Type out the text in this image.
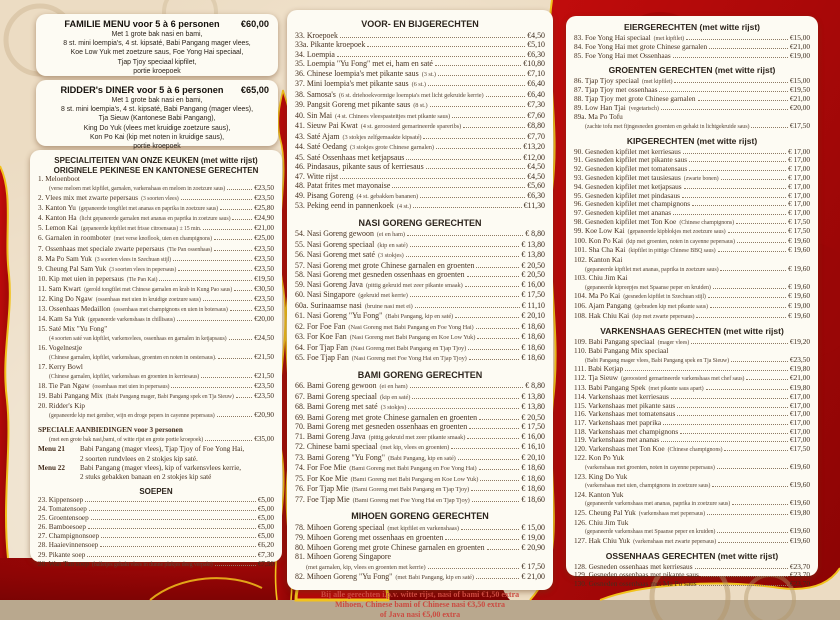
FAMILIE MENU voor 5 à 6 personen €60,00
Met 1 grote bak nasi en bami,
8 st. mini loempia's, 4 st. kipsaté, Babi Pangang mager vlees,
Koe Low Yuk met zoetzure saus, Foe Yong Hai speciaal,
Tjap Tjoy speciaal kipfilet,
portie kroepoek
RIDDER's DINER voor 5 à 6 personen €65,00
Met 1 grote bak nasi en bami,
8 st. mini loempia's, 4 st. kipsaté, Babi Pangang (mager vlees),
Tja Sieuw (Kantonese Babi Pangang),
King Do Yuk (vlees met kruidige zoetzure saus),
Kon Po Kai (kip met noten in kruidige saus),
portie kroepoek
SPECIALITEITEN VAN ONZE KEUKEN (met witte rijst)
ORIGINELE PEKINESE EN KANTONESE GERECHTEN
1. Meloenboot
(verse meloen met kipfilet, garnalen, varkenshaas en meloen in zoetzure saus)	€23,50
2. Vlees mix met zwarte pepersaus (3 soorten vlees)	€23,50
3. Kanton Yu (gepaneerde tongfilet met ananas en paprika in zoetzure saus)	€25,80
4. Kanton Ha (licht gepaneerde garnalen met ananas en paprika in zoetzure saus)	€24,90
5. Lemon Kai (gepaneerde kipfilet met frisse citroensaus) ± 15 min.	€21,00
6. Garnalen in roomboter (met verse knoflook, uien en champignons)	€25,00
7. Ossenhaas met speciale zwarte pepersaus (Tie Pan ossenhaas)	€23,50
8. Ma Po Sam Yuk (3 soorten vlees in Szechuan stijl)	€23,50
9. Cheung Pal Sam Yuk (3 soorten vlees in pepersaus)	€23,50
10. Kip met uien in pepersaus (Tie Pan Kai)	€19,50
11. Sam Kwart (gerold tongfilet met Chinese garnalen en krab in Kung Pao saus)	€30,50
12. King Do Ngaw (ossenhaas met uien in kruidige zoetzure saus)	€23,50
13. Ossenhaas Medaillon (ossenhaas met champignons en uien in botersaus)	€23,50
14. Kam Sa Yuk (gepaneerde varkenshaas in chillisaus)	€20,00
15. Saté Mix "Yu Fong"
(4 soorten saté van kipfilet, varkensvlees, ossenhaas en garnalen in ketjapsaus)	€24,50
16. Vogelnestje
(Chinese garnalen, kipfilet, varkenshaas, groenten en noten in oestersaus).	€21,50
17. Kerry Bowl
(Chinese garnalen, kipfilet, varkenshaas en groenten in kerriesaus)	€21,50
18. Tie Pan Ngaw (ossenhaas met uien in pepersaus)	€23,50
19. Babi Pangang Mix (Babi Pangang mager, Babi Pangang spek en Tja Sieuw)	€23,50
20. Ridder's Kip
(gepaneerde kip met gember, wijn en droge pepers in cayenne pepersaus)	€20,90
SPECIALE AANBIEDINGEN voor 3 personen
(met een grote bak nasi,bami, of witte rijst en grote portie kroepoek)	€35,00
Menu 21	Babi Pangang (mager vlees), Tjap Tjoy of Foe Yong Hai,
2 soorten rundvlees en 2 stokjes kip saté.
Menu 22	Babi Pangang (mager vlees), kip of varkensvlees kerrie,
2 stuks gebakken banaan en 2 stokjes kip saté
SOEPEN
23. Kippensoep	€5,00
24. Tomatensoep	€5,00
25. Groentensoep	€5,00
26. Bamboesoep	€5,00
27. Champignonsoep	€5,00
28. Haaievinnensoep	€6,20
29. Pikante soep	€7,30
30. Wan Tan soep (balletjes gehakt vlees in dunne plakjes deeg verpakt)	€7,50
VOOR- EN BIJGERECHTEN
33. Kroepoek	€4,50
33a. Pikante kroepoek	€5,10
34. Loempia	€6,30
35. Loempia "Yu Fong" met ei, ham en saté	€10,80
36. Chinese loempia's met pikante saus (3 st.)	€7,10
37. Mini loempia's met pikante saus (6 st.)	€6,40
38. Samosa's (6 st. driehoekvormige loempia's met licht gekruide kerrie)	€6,40
39. Pangsit Goreng met pikante saus (8 st.)	€7,30
40. Sin Mai (4 st. Chinees vleespasteitjes met pikante saus)	€7,60
41. Sieuw Pai Kwat (4 st. geroosterd gemarineerde spareribs)	€8,80
43. Saté Ajam (3 stokjes zelfgemaakte kipsaté)	€7,70
44. Saté Oedang (3 stokjes grote Chinese garnalen)	€13,20
45. Saté Ossenhaas met ketjapsaus	€12,00
46. Pindasaus, pikante saus of kerriesaus	€4,50
47. Witte rijst	€4,50
48. Patat frites met mayonaise	€5,60
49. Pisang Goreng (4 st. gebakken bananen)	€6,30
53. Peking eend in pannenkoek (4 st.)	€11,30
NASI GORENG GERECHTEN
54. Nasi Goreng gewoon (ei en ham)	€ 8,80
55. Nasi Goreng speciaal (kip en saté)	€ 13,80
56. Nasi Goreng met saté (3 stokjes)	€ 13,80
57. Nasi Goreng met grote Chinese garnalen en groenten	€ 20,50
58. Nasi Goreng met gesneden ossenhaas en groenten	€ 20,50
59. Nasi Goreng Java (pittig gekruid met zeer pikante smaak)	€ 16,00
60. Nasi Singapore (gekruid met kerrie)	€ 17,50
60a. Surinaamse nasi (bruine nasi met ei)	€ 11,10
61. Nasi Goreng "Yu Fong" (Babi Pangang, kip en saté)	€ 20,10
62. For Foe Fan (Nasi Goreng met Babi Pangang en Foe Yong Hai)	€ 18,60
63. For Koe Fan (Nasi Goreng met Babi Pangang en Koe Low Yuk)	€ 18,60
64. For Tjap Fan (Nasi Goreng met Babi Pangang en Tjap Tjoy)	€ 18,60
65. Foe Tjap Fan (Nasi Goreng met Foe Yong Hai en Tjap Tjoy)	€ 18,60
BAMI GORENG GERECHTEN
66. Bami Goreng gewoon (ei en ham)	€ 8,80
67. Bami Goreng speciaal (kip en saté)	€ 13,80
68. Bami Goreng met saté (3 stokjes)	€ 13,80
69. Bami Goreng met grote Chinese garnalen en groenten	€ 20,50
70. Bami Goreng met gesneden ossenhaas en groenten	€ 17,50
71. Bami Goreng Java (pittig gekruid met zeer pikante smaak)	€ 16,00
72. Chinese bami speciaal (met kip, vlees en groenten)	€ 16,10
73. Bami Goreng "Yu Fong" (Babi Pangang, kip en saté)	€ 20,10
74. For Foe Mie (Bami Goreng met Babi Pangang en Foe Yong Hai)	€ 18,60
75. For Koe Mie (Bami Goreng met Babi Pangang en Koe Low Yuk)	€ 18,60
76. For Tjap Mie (Bami Goreng met Babi Pangang en Tjap Tjoy)	€ 18,60
77. Foe Tjap Mie (Bami Goreng met Foe Yong Hai en Tjap Tjoy)	€ 18,60
MIHOEN GORENG GERECHTEN
78. Mihoen Goreng speciaal (met kipfilet en varkenshaas)	€ 15,00
79. Mihoen Goreng met ossenhaas en groenten	€ 19,00
80. Mihoen Goreng met grote Chinese garnalen en groenten	€ 20,90
81. Mihoen Goreng Singapore
(met garnalen, kip, vlees en groenten met kerrie)	€ 17,50
82. Mihoen Goreng "Yu Fong" (met Babi Pangang, kip en saté)	€ 21,00
Bij alle gerechten i.p.v. witte rijst, nasi of bami €1,50 extra
Mihoen, Chinese bami of Chinese nasi €3,50 extra
of Java nasi €5,00 extra
EIERGERECHTEN (met witte rijst)
83. Foe Yong Hai speciaal (met kipfilet)	€15,00
84. Foe Yong Hai met grote Chinese garnalen	€21,00
85. Foe Yong Hai met Ossenhaas	€19,00
GROENTEN GERECHTEN (met witte rijst)
86. Tjap Tjoy speciaal (met kipfilet)	€15,00
87. Tjap Tjoy met ossenhaas	€19,50
88. Tjap Tjoy met grote Chinese garnalen	€21,00
89. Low Han Tjai (vegetarisch)	€20,00
89a. Ma Po Tofu
(zachte tofu met fijngesneden groenten en gehakt in lichtgekruide saus)	€17,50
KIPGERECHTEN (met witte rijst)
90. Gesneden kipfilet met kerriesaus	€ 17,00
91. Gesneden kipfilet met pikante saus	€ 17,00
92. Gesneden kipfilet met tomatensaus	€ 17,00
93. Gesneden kipfilet met tausiesaus (zwarte bonen)	€ 17,00
94. Gesneden kipfilet met ketjapsaus	€ 17,00
95. Gesneden kipfilet met pindasaus	€ 17,00
96. Gesneden kipfilet met champignons	€ 17,00
97. Gesneden kipfilet met ananas	€ 17,00
98. Gesneden kipfilet met Ton Koe (Chinese champignons)	€ 17,50
99. Koe Low Kai (gepaneerde kipblokjes met zoetzure saus)	€ 17,50
100. Kon Po Kai (kip met groenten, noten in cayenne pepersaus)	€ 19,60
101. Sha Cha Kai (kipfilet in pittige Chinese BBQ saus)	€ 19,60
102. Kanton Kai
(gepaneerde kipfilet met ananas, paprika in zoetzure saus)	€ 19,60
103. Chiu Jim Kai
(gepaneerde kipreepjes met Spaanse peper en kruiden)	€ 19,60
104. Ma Po Kai (gesneden kipfilet in Szechuan stijl)	€ 19,60
106. Ajam Pangang (gebraden kip met pikante saus)	€ 19,00
108. Hak Chiu Kai (kip met zwarte pepersaus)	€ 19,60
VARKENSHAAS GERECHTEN (met witte rijst)
109. Babi Pangang speciaal (mager vlees)	€19,20
110. Babi Pangang Mix speciaal
(Babi Pangang mager vlees, Babi Pangang spek en Tja Sieuw)	€23,50
111. Babi Ketjap	€19,80
112. Tja Sieuw (geroosterd gemarineerde varkenshaas met chef saus)	€21,00
113. Babi Pangang Spek (met pikante saus apart)	€19,80
114. Varkenshaas met kerriesaus	€17,00
115. Varkenshaas met pikante saus	€17,00
116. Varkenshaas met tomatensaus	€17,00
117. Varkenshaas met paprika	€17,00
118. Varkenshaas met champignons	€17,00
119. Varkenshaas met ananas	€17,00
120. Varkenshaas met Ton Koe (Chinese champignons)	€17,50
122. Kon Po Yuk
(varkenshaas met groenten, noten in cayenne pepersaus)	€19,60
123. King Do Yuk
(varkenshaas met uien, champignons in zoetzure saus)	€19,60
124. Kanton Yuk
(gepaneerde varkenshaas met ananas, paprika in zoetzure saus)	€19,60
125. Cheung Pal Yuk (varkenshaas met pepersaus)	€19,80
126. Chiu Jim Tuk
(gepaneerde varkenshaas met Spaanse peper en kruiden)	€19,60
127. Hak Chiu Yuk (varkenshaas met zwarte pepersaus)	€19,60
OSSENHAAS GERECHTEN (met witte rijst)
128. Gesneden ossenhaas met kerriesaus	€23,70
129. Gesneden ossenhaas met pikante saus	€23,70
130. Gesneden ossenhaas met Ma Po saus	€23,70
